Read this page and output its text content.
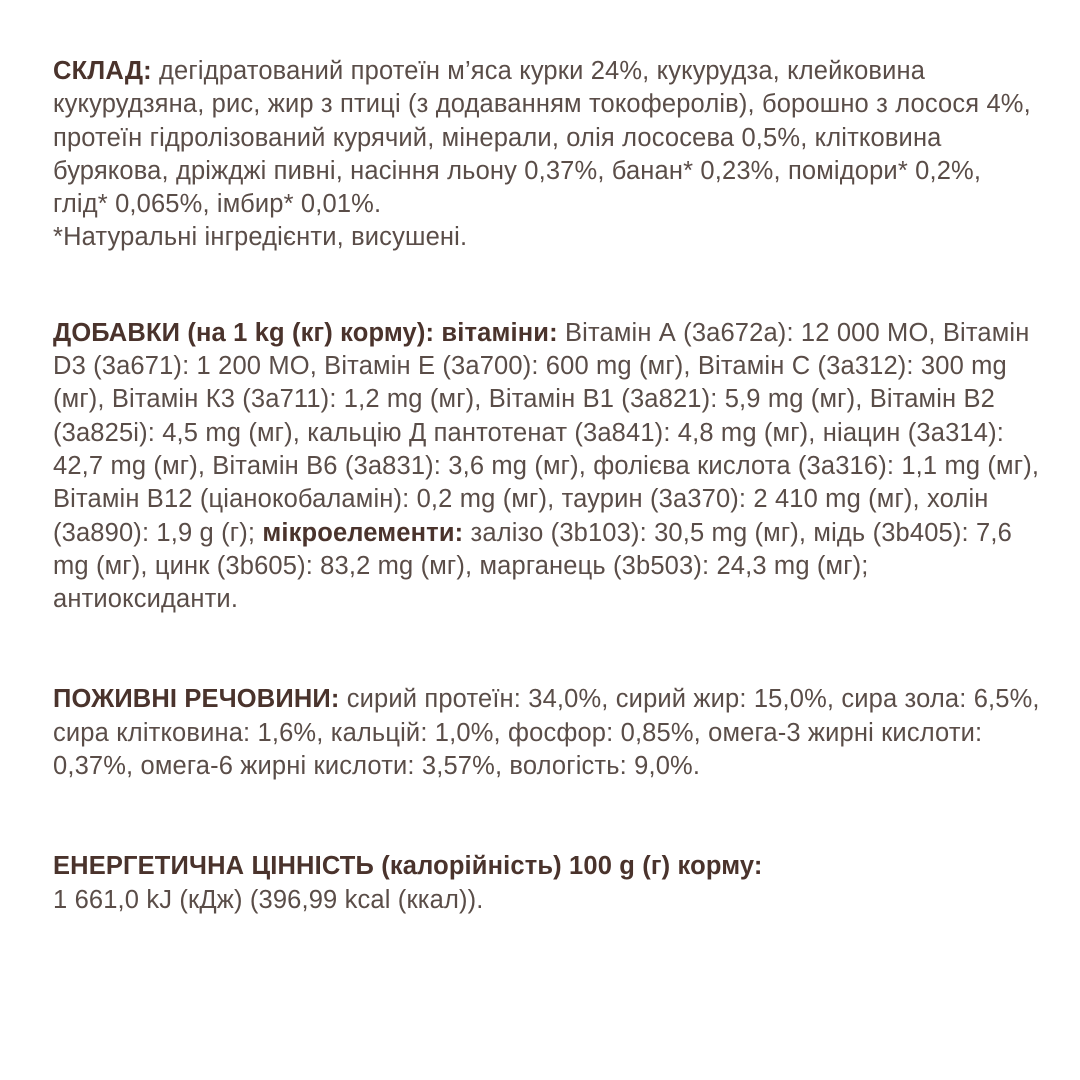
СКЛАД: дегідратований протеїн м’яса курки 24%, кукурудза, клейковина кукурудзяна, рис, жир з птиці (з додаванням токоферолів), борошно з лосося 4%, протеїн гідролізований курячий, мінерали, олія лососева 0,5%, клітковина бурякова, дріжджі пивні, насіння льону 0,37%, банан* 0,23%, помідори* 0,2%, глід* 0,065%, імбир* 0,01%.
*Натуральні інгредієнти, висушені.

ДОБАВКИ (на 1 kg (кг) корму): вітаміни: Вітамін А (3a672a): 12 000 МО, Вітамін D3 (3a671): 1 200 МО, Вітамін Е (3a700): 600 mg (мг), Вітамін С (3a312): 300 mg (мг), Вітамін К3 (3a711): 1,2 mg (мг), Вітамін В1 (3a821): 5,9 mg (мг), Вітамін В2 (3a825i): 4,5 mg (мг), кальцію Д пантотенат (3a841): 4,8 mg (мг), ніацин (3a314): 42,7 mg (мг), Вітамін В6 (3a831): 3,6 mg (мг), фолієва кислота (3a316): 1,1 mg (мг), Вітамін В12 (ціанокобаламін): 0,2 mg (мг), таурин (3a370): 2 410 mg (мг), холін (3a890): 1,9 g (г); мікроелементи: залізо (3b103): 30,5 mg (мг), мідь (3b405): 7,6 mg (мг), цинк (3b605): 83,2 mg (мг), марганець (3b503): 24,3 mg (мг); антиоксиданти.

ПОЖИВНІ РЕЧОВИНИ: сирий протеїн: 34,0%, сирий жир: 15,0%, сира зола: 6,5%, сира клітковина: 1,6%, кальцій: 1,0%, фосфор: 0,85%, омега-3 жирні кислоти: 0,37%, омега-6 жирні кислоти: 3,57%, вологість: 9,0%.

ЕНЕРГЕТИЧНА ЦІННІСТЬ (калорійність) 100 g (г) корму:
1 661,0 kJ (кДж) (396,99 kcal (ккал)).
